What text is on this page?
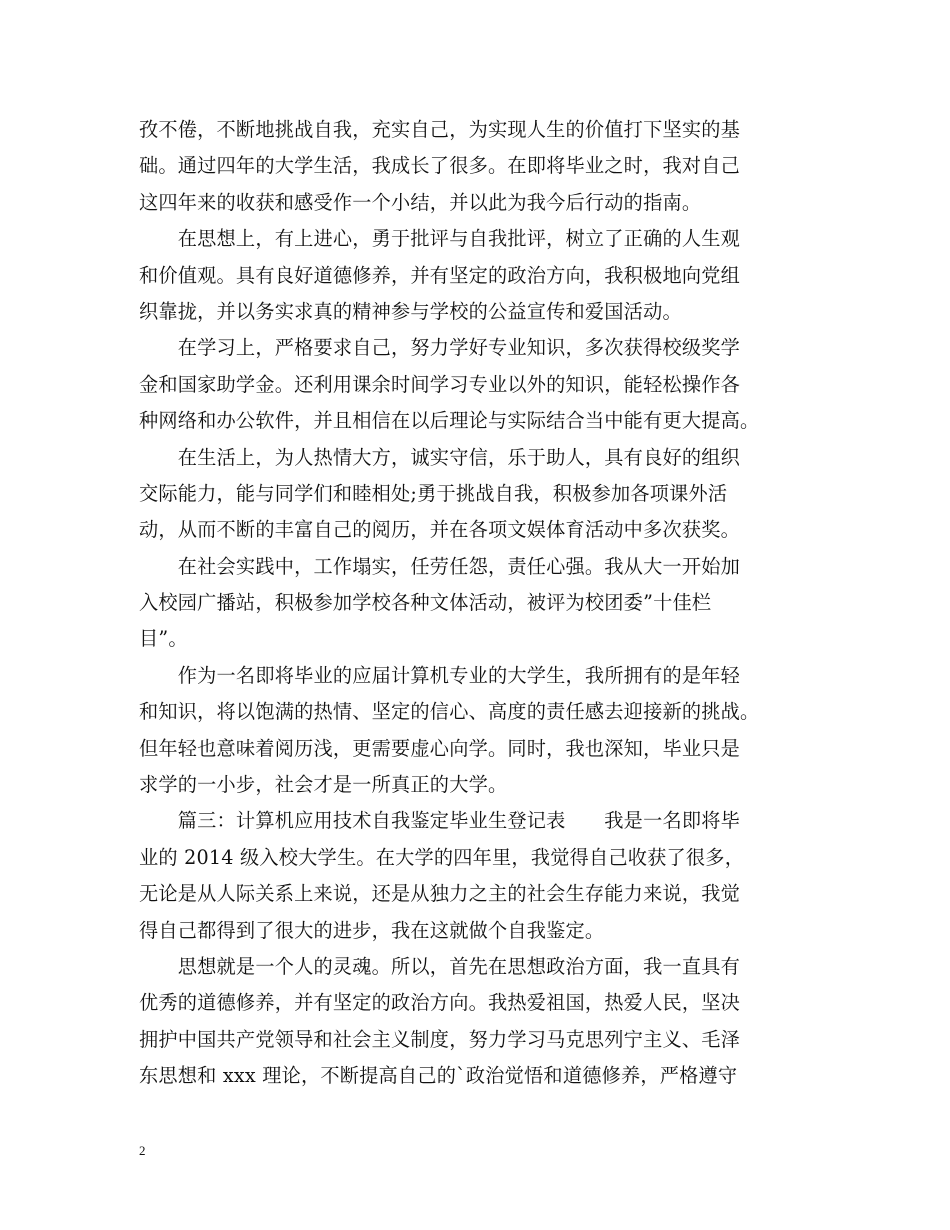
孜不倦，不断地挑战自我，充实自己，为实现人生的价值打下坚实的基
础。通过四年的大学生活，我成长了很多。在即将毕业之时，我对自己
这四年来的收获和感受作一个小结，并以此为我今后行动的指南。
　　在思想上，有上进心，勇于批评与自我批评，树立了正确的人生观
和价值观。具有良好道德修养，并有坚定的政治方向，我积极地向党组
织靠拢，并以务实求真的精神参与学校的公益宣传和爱国活动。
　　在学习上，严格要求自己，努力学好专业知识，多次获得校级奖学
金和国家助学金。还利用课余时间学习专业以外的知识，能轻松操作各
种网络和办公软件，并且相信在以后理论与实际结合当中能有更大提高。
　　在生活上，为人热情大方，诚实守信，乐于助人，具有良好的组织
交际能力，能与同学们和睦相处;勇于挑战自我，积极参加各项课外活
动，从而不断的丰富自己的阅历，并在各项文娱体育活动中多次获奖。
　　在社会实践中，工作塌实，任劳任怨，责任心强。我从大一开始加
入校园广播站，积极参加学校各种文体活动，被评为校团委”十佳栏
目”。
　　作为一名即将毕业的应届计算机专业的大学生，我所拥有的是年轻
和知识，将以饱满的热情、坚定的信心、高度的责任感去迎接新的挑战。
但年轻也意味着阅历浅，更需要虚心向学。同时，我也深知，毕业只是
求学的一小步，社会才是一所真正的大学。
　　篇三：计算机应用技术自我鉴定毕业生登记表　　我是一名即将毕
业的 2014 级入校大学生。在大学的四年里，我觉得自己收获了很多，
无论是从人际关系上来说，还是从独力之主的社会生存能力来说，我觉
得自己都得到了很大的进步，我在这就做个自我鉴定。
　　思想就是一个人的灵魂。所以，首先在思想政治方面，我一直具有
优秀的道德修养，并有坚定的政治方向。我热爱祖国，热爱人民，坚决
拥护中国共产党领导和社会主义制度，努力学习马克思列宁主义、毛泽
东思想和 xxx 理论，不断提高自己的`政治觉悟和道德修养，严格遵守
2
